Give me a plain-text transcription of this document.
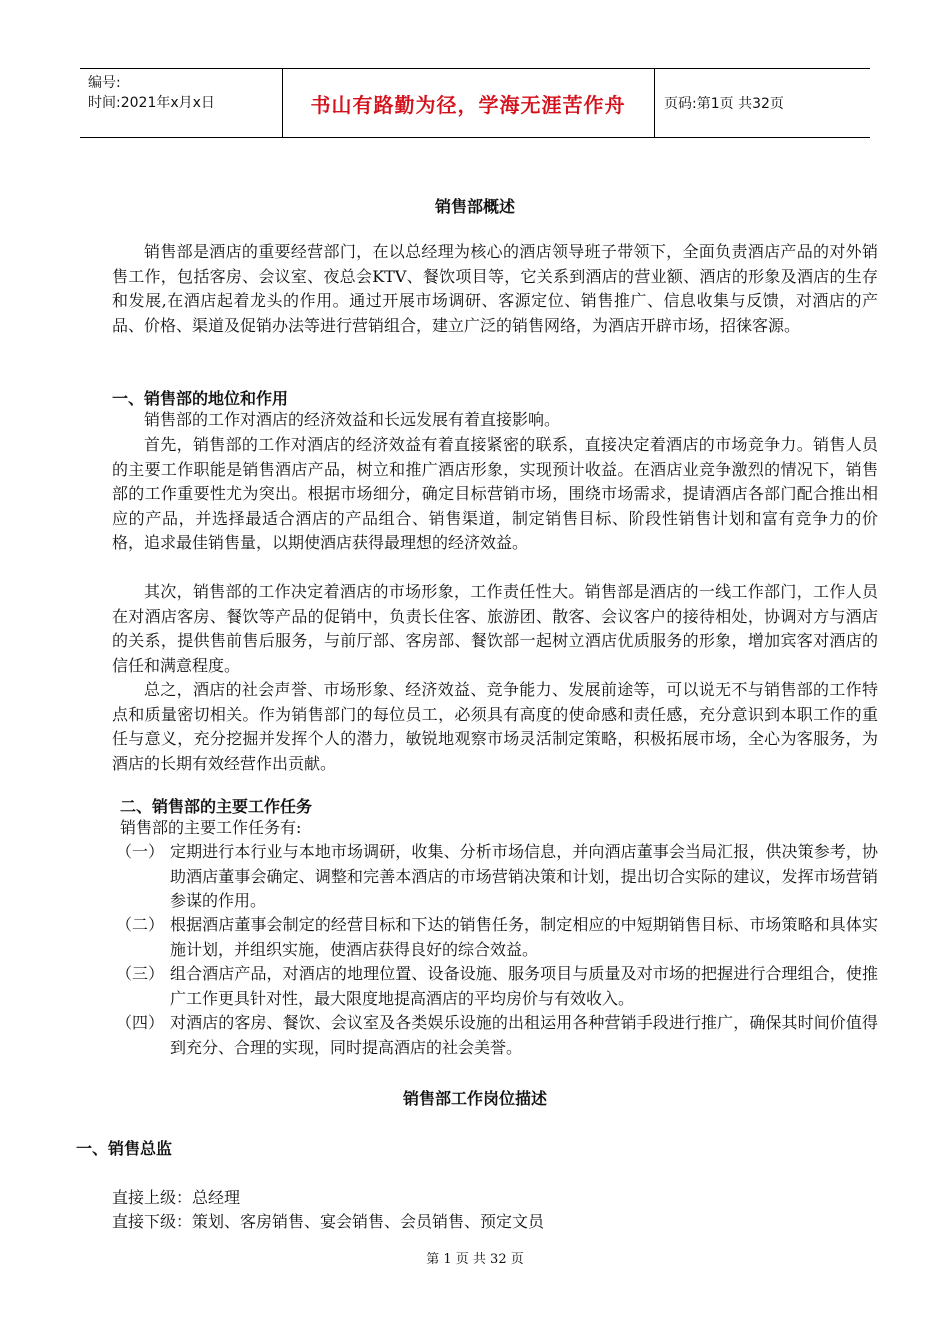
编号:
时间:2021年x月x日	书山有路勤为径，学海无涯苦作舟	页码:第1页 共32页
销售部概述

销售部是酒店的重要经营部门，在以总经理为核心的酒店领导班子带领下，全面负责酒店产品的对外销售工作，包括客房、会议室、夜总会KTV、餐饮项目等，它关系到酒店的营业额、酒店的形象及酒店的生存和发展,在酒店起着龙头的作用。通过开展市场调研、客源定位、销售推广、信息收集与反馈，对酒店的产品、价格、渠道及促销办法等进行营销组合，建立广泛的销售网络，为酒店开辟市场，招徕客源。

一、销售部的地位和作用

销售部的工作对酒店的经济效益和长远发展有着直接影响。

首先，销售部的工作对酒店的经济效益有着直接紧密的联系，直接决定着酒店的市场竞争力。销售人员的主要工作职能是销售酒店产品，树立和推广酒店形象，实现预计收益。在酒店业竞争激烈的情况下，销售部的工作重要性尤为突出。根据市场细分，确定目标营销市场，围绕市场需求，提请酒店各部门配合推出相应的产品，并选择最适合酒店的产品组合、销售渠道，制定销售目标、阶段性销售计划和富有竞争力的价格，追求最佳销售量，以期使酒店获得最理想的经济效益。

其次，销售部的工作决定着酒店的市场形象，工作责任性大。销售部是酒店的一线工作部门，工作人员在对酒店客房、餐饮等产品的促销中，负责长住客、旅游团、散客、会议客户的接待相处，协调对方与酒店的关系，提供售前售后服务，与前厅部、客房部、餐饮部一起树立酒店优质服务的形象，增加宾客对酒店的信任和满意程度。

总之，酒店的社会声誉、市场形象、经济效益、竞争能力、发展前途等，可以说无不与销售部的工作特点和质量密切相关。作为销售部门的每位员工，必须具有高度的使命感和责任感，充分意识到本职工作的重任与意义，充分挖掘并发挥个人的潜力，敏锐地观察市场灵活制定策略，积极拓展市场，全心为客服务，为酒店的长期有效经营作出贡献。

二、销售部的主要工作任务

销售部的主要工作任务有:

（一） 定期进行本行业与本地市场调研，收集、分析市场信息，并向酒店董事会当局汇报，供决策参考，协助酒店董事会确定、调整和完善本酒店的市场营销决策和计划，提出切合实际的建议，发挥市场营销参谋的作用。
（二） 根据酒店董事会制定的经营目标和下达的销售任务，制定相应的中短期销售目标、市场策略和具体实施计划，并组织实施，使酒店获得良好的综合效益。
（三） 组合酒店产品，对酒店的地理位置、设备设施、服务项目与质量及对市场的把握进行合理组合，使推广工作更具针对性，最大限度地提高酒店的平均房价与有效收入。
（四） 对酒店的客房、餐饮、会议室及各类娱乐设施的出租运用各种营销手段进行推广，确保其时间价值得到充分、合理的实现，同时提高酒店的社会美誉。
销售部工作岗位描述
一、销售总监

直接上级：总经理

直接下级：策划、客房销售、宴会销售、会员销售、预定文员

第 1 页 共 32 页
